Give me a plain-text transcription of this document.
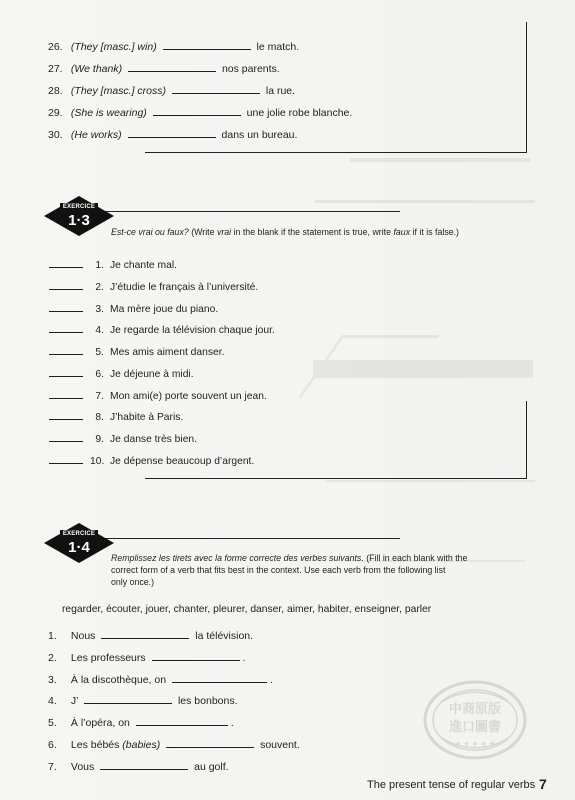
26. (They [masc.] win)	le match.
27. (We thank)	nos parents.
28. (They [masc.] cross)	la rue.
29. (She is wearing)	une jolie robe blanche.
30. (He works)	dans un bureau.
EXERCICE
1·3
Est-ce vrai ou faux? (Write vrai in the blank if the statement is true, write faux if it is false.)
1. Je chante mal.
2. J’étudie le français à l’université.
3. Ma mère joue du piano.
4. Je regarde la télévision chaque jour.
5. Mes amis aiment danser.
6. Je déjeune à midi.
7. Mon ami(e) porte souvent un jean.
8. J’habite à Paris.
9. Je danse très bien.
10. Je dépense beaucoup d’argent.
EXERCICE
1·4
Remplissez les tirets avec la forme correcte des verbes suivants. (Fill in each blank with the
correct form of a verb that fits best in the context. Use each verb from the following list
only once.)
regarder, écouter, jouer, chanter, pleurer, danser, aimer, habiter, enseigner, parler
1. Nous	la télévision.
2. Les professeurs	.
3. À la discothèque, on	.
4. J’	les bonbons.
5. À l’opéra, on	.
6. Les bébés (babies)	souvent.
7. Vous	au golf.
中商原版
進口圖書
★ ★ ★ ★ ★
The present tense of regular verbs 7
